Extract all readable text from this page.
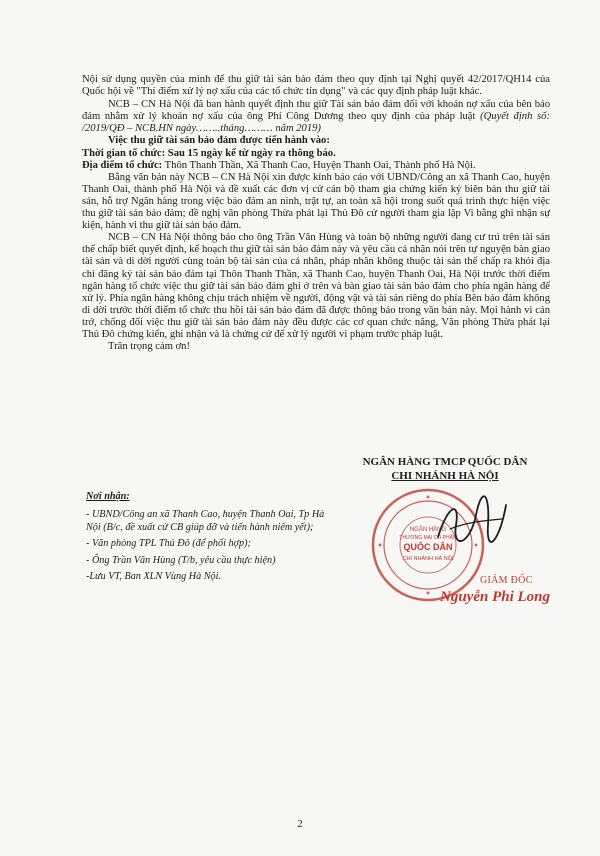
Nội sử dụng quyền của mình để thu giữ tài sản bảo đảm theo quy định tại Nghị quyết 42/2017/QH14 của Quốc hội về "Thí điểm xử lý nợ xấu của các tổ chức tín dụng" và các quy định pháp luật khác.

NCB – CN Hà Nội đã ban hành quyết định thu giữ Tài sản bảo đảm đối với khoản nợ xấu của bên bảo đảm nhằm xử lý khoản nợ xấu của ông Phí Công Dương theo quy định của pháp luật (Quyết định số: /2019/QĐ – NCB.HN ngày……..tháng……… năm 2019)

Việc thu giữ tài sản bảo đảm được tiến hành vào:

Thời gian tổ chức: Sau 15 ngày kể từ ngày ra thông báo.

Địa điểm tổ chức: Thôn Thanh Thần, Xã Thanh Cao, Huyện Thanh Oai, Thành phố Hà Nội.

Bằng văn bản này NCB – CN Hà Nội xin được kính báo cáo với UBND/Công an xã Thanh Cao, huyện Thanh Oai, thành phố Hà Nội và đề xuất các đơn vị cử cán bộ tham gia chứng kiến ký biên bản thu giữ tài sản, hỗ trợ Ngân hàng trong việc bảo đảm an ninh, trật tự, an toàn xã hội trong suốt quá trình thực hiện việc thu giữ tài sản bảo đảm; đề nghị văn phòng Thừa phát lại Thủ Đô cử người tham gia lập Vi bằng ghi nhận sự kiện, hành vi thu giữ tài sản bảo đảm.

NCB – CN Hà Nội thông báo cho ông Trần Văn Hùng và toàn bộ những người đang cư trú trên tài sản thế chấp biết quyết định, kế hoạch thu giữ tài sản bảo đảm này và yêu cầu cá nhân nói trên tự nguyện bàn giao tài sản và di dời người cùng toàn bộ tài sản của cá nhân, pháp nhân không thuộc tài sản thế chấp ra khỏi địa chỉ đăng ký tài sản bảo đảm tại Thôn Thanh Thần, xã Thanh Cao, huyện Thanh Oai, Hà Nội trước thời điểm ngân hàng tổ chức việc thu giữ tài sản bảo đảm ghi ở trên và bàn giao tài sản bảo đảm cho phía ngân hàng để xử lý. Phía ngân hàng không chịu trách nhiệm về người, động vật và tài sản riêng do phía Bên bảo đảm không di dời trước thời điểm tổ chức thu hồi tài sản bảo đảm đã được thông báo trong văn bản này. Mọi hành vi cản trở, chống đối việc thu giữ tài sản bảo đảm này đều được các cơ quan chức năng, Văn phòng Thừa phát lại Thủ Đô chứng kiến, ghi nhận và là chứng cứ để xử lý người vi phạm trước pháp luật.

Trân trọng cảm ơn!

Nơi nhận:

- UBND/Công an xã Thanh Cao, huyện Thanh Oai, Tp Hà Nội (B/c, đề xuất cử CB giúp đỡ và tiến hành niêm yết);

- Văn phòng TPL Thủ Đô (để phối hợp);

- Ông Trần Văn Hùng (T/b, yêu cầu thực hiện)

-Lưu VT, Ban XLN Vùng Hà Nội.

NGÂN HÀNG TMCP QUỐC DÂN
CHI NHÁNH HÀ NỘI
NGÂN HÀNG
THƯƠNG MẠI CỔ PHẦN
QUỐC DÂN
CHI NHÁNH HÀ NỘI
GIÁM ĐỐC
Nguyễn Phi Long
2
